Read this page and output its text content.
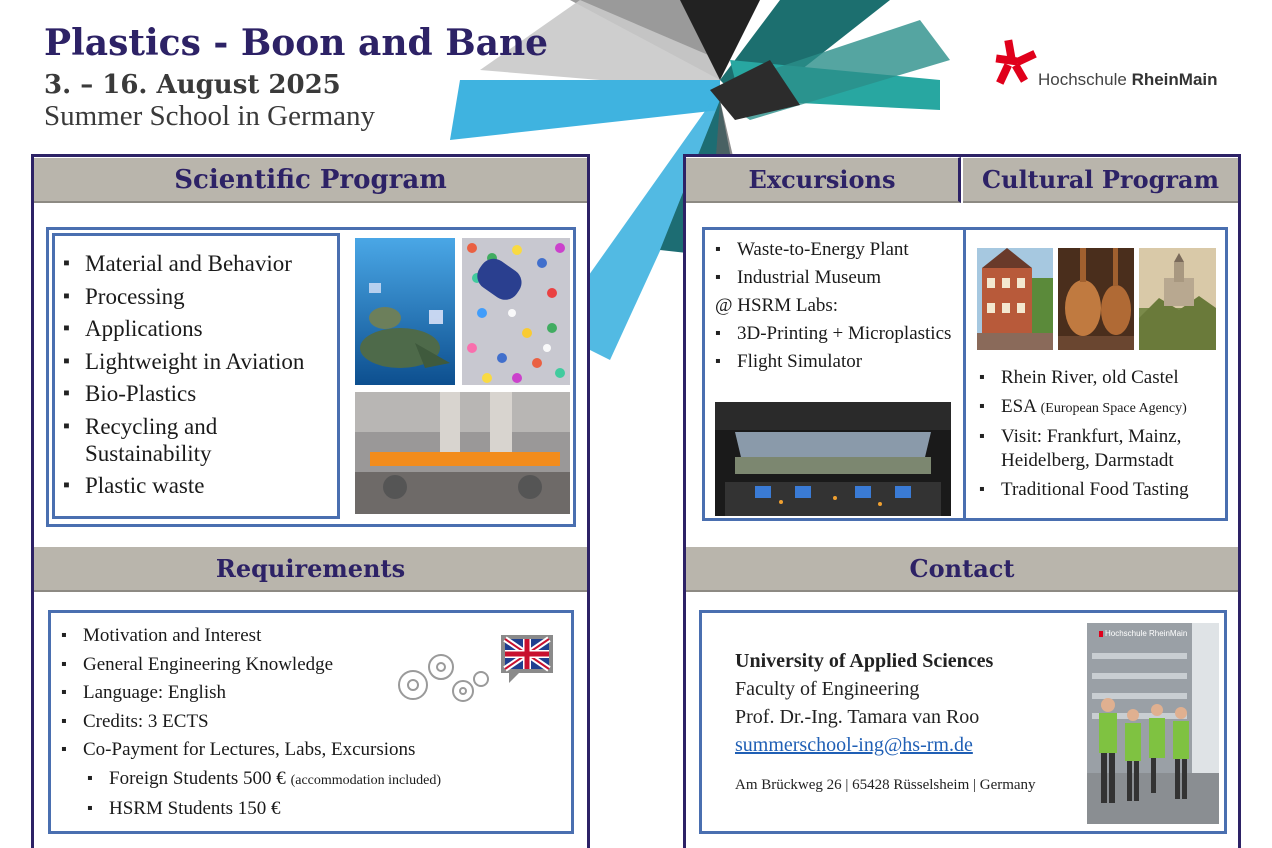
Plastics - Boon and Bane
3. – 16. August 2025
Summer School in Germany
Hochschule RheinMain
Scientific Program
▪ Material and Behavior
▪ Processing
▪ Applications
▪ Lightweight in Aviation
▪ Bio-Plastics
▪ Recycling and Sustainability
▪ Plastic waste
Requirements
▪ Motivation and Interest
▪ General Engineering Knowledge
▪ Language: English
▪ Credits: 3 ECTS
▪ Co-Payment for Lectures, Labs, Excursions
▪ Foreign Students 500 € (accommodation included)
▪ HSRM Students 150 €
Excursions	Cultural Program
▪ Waste-to-Energy Plant
▪ Industrial Museum
@ HSRM Labs:
▪ 3D-Printing + Microplastics
▪ Flight Simulator
▪ Rhein River, old Castel
▪ ESA (European Space Agency)
▪ Visit: Frankfurt, Mainz, Heidelberg, Darmstadt
▪ Traditional Food Tasting
Contact
University of Applied Sciences
Faculty of Engineering
Prof. Dr.-Ing. Tamara van Roo
summerschool-ing@hs-rm.de
Am Brückweg 26 | 65428 Rüsselsheim | Germany
Hochschule RheinMain
